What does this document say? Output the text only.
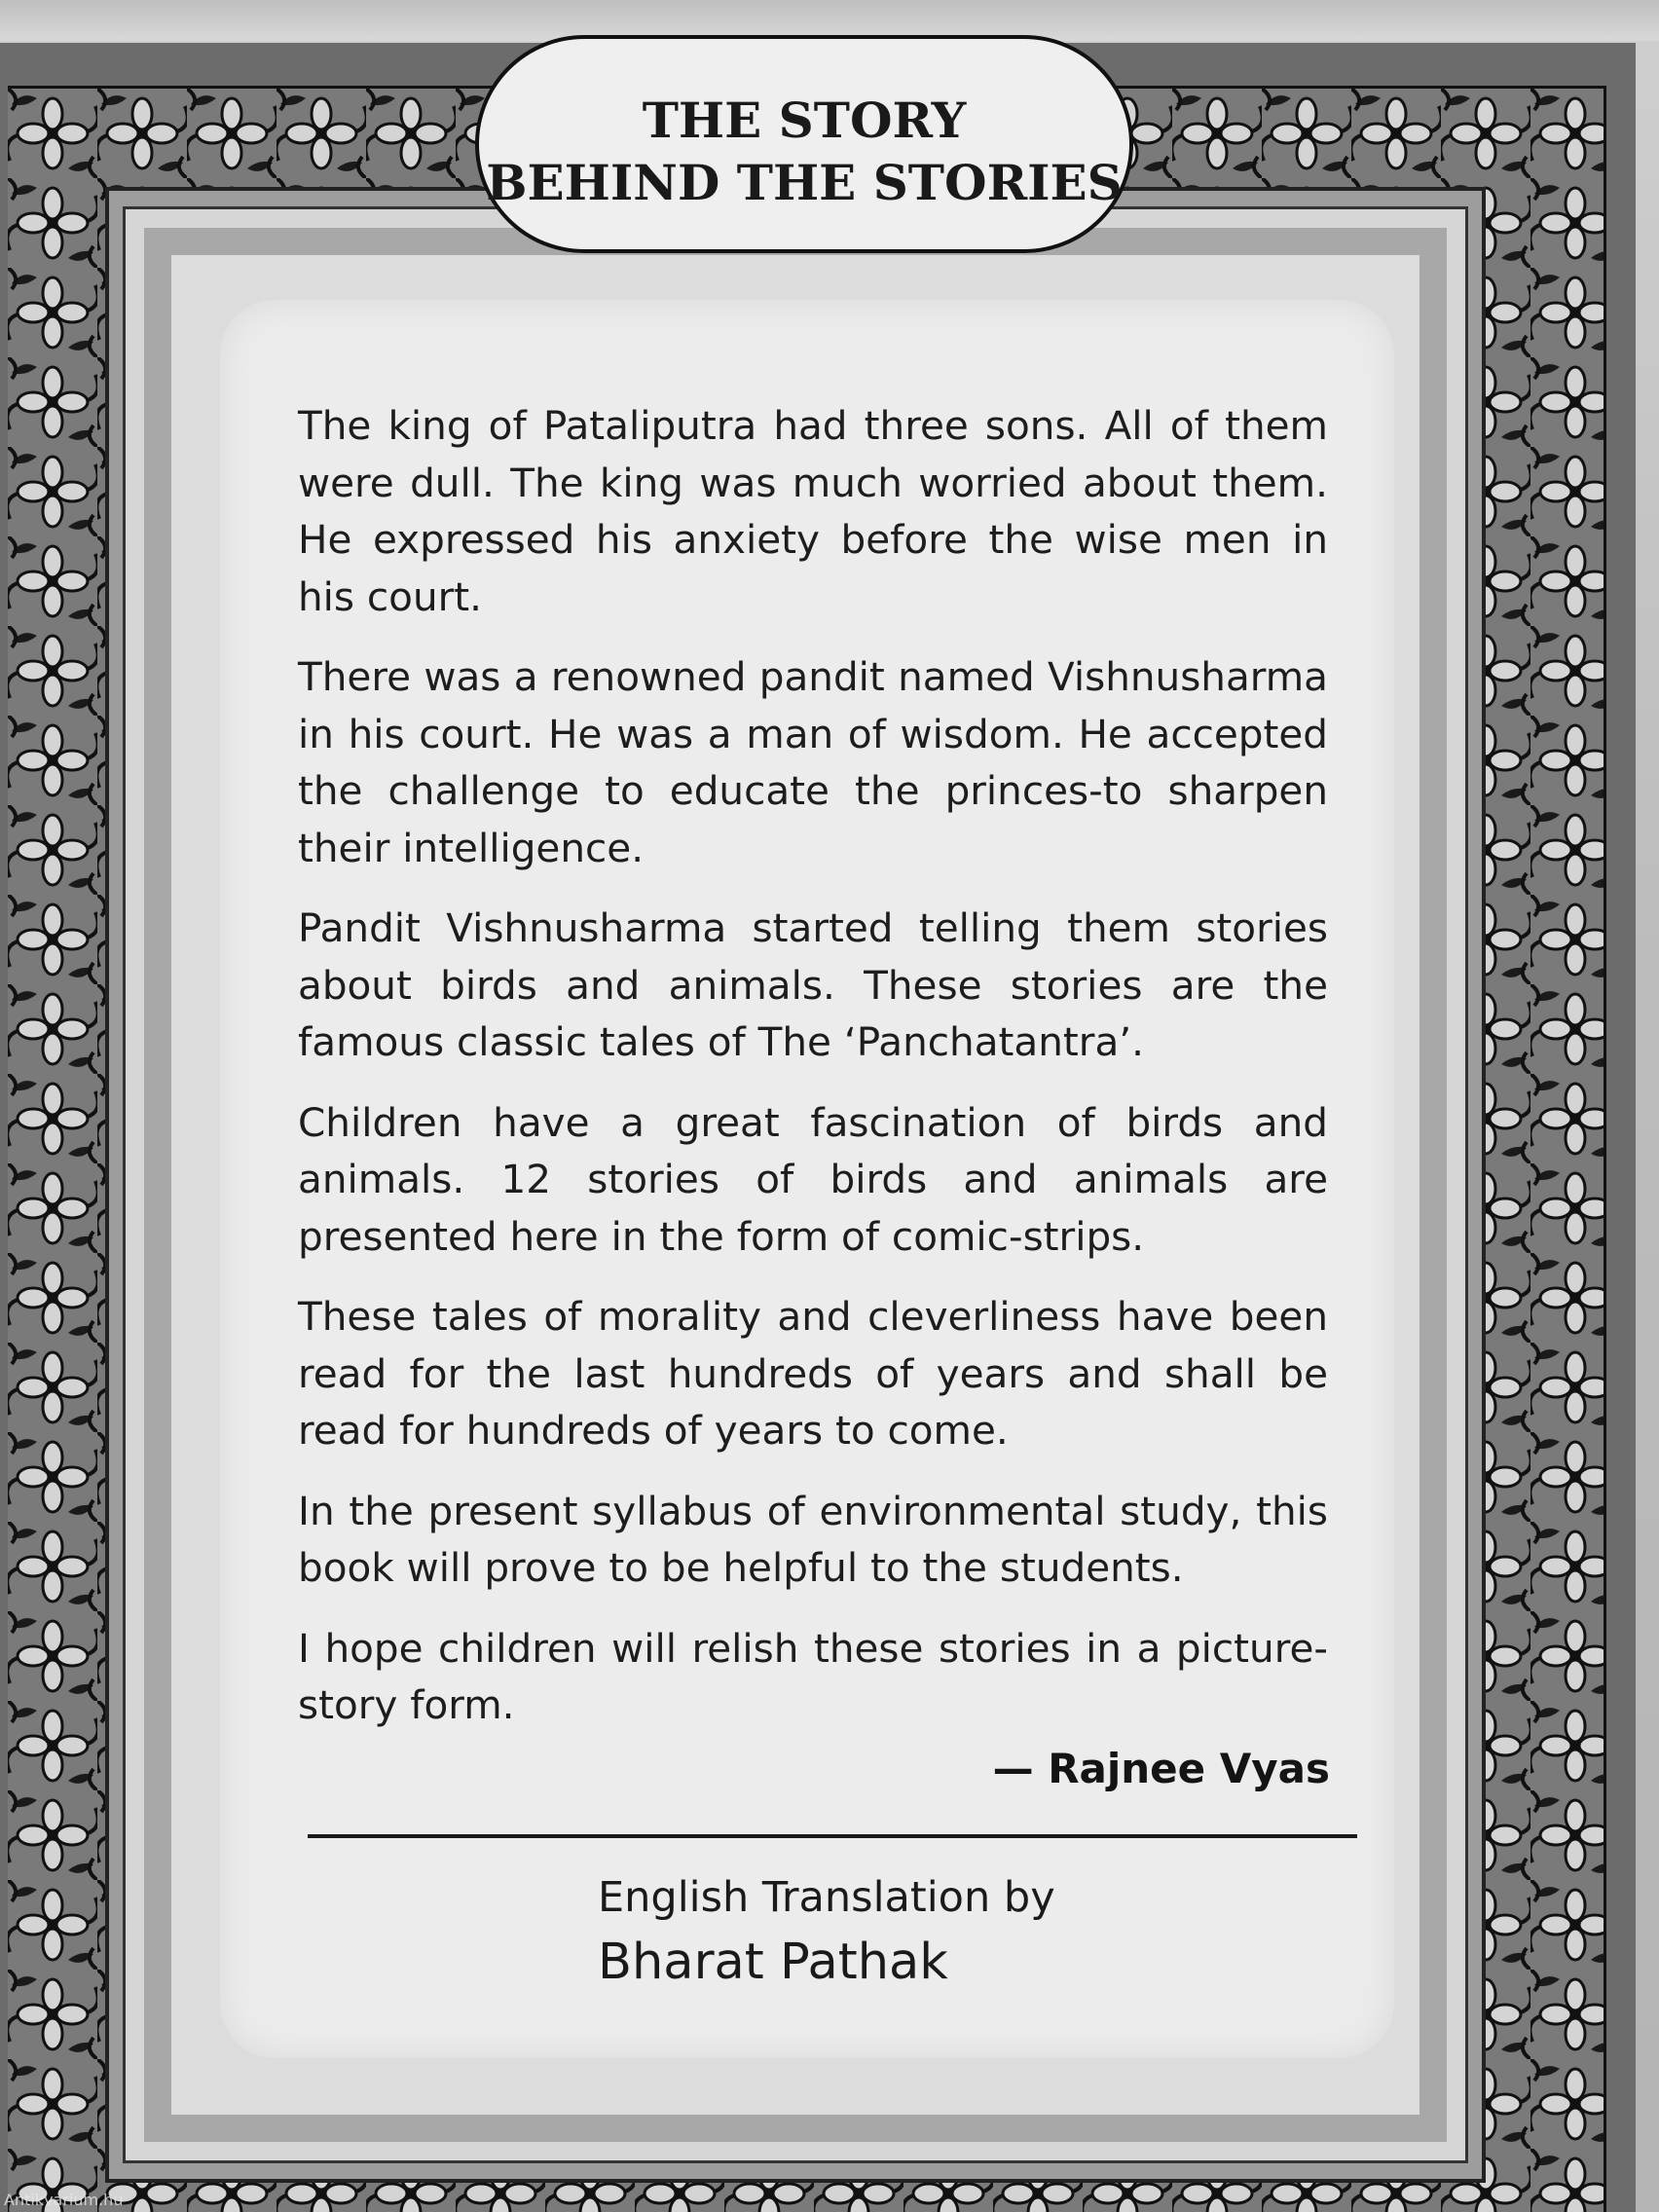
THE STORY
BEHIND THE STORIES

The king of Pataliputra had three sons. All of them were dull. The king was much worried about them. He expressed his anxiety before the wise men in his court.

There was a renowned pandit named Vishnusharma in his court. He was a man of wisdom. He accepted the challenge to educate the princes-to sharpen their intelligence.

Pandit Vishnusharma started telling them stories about birds and animals. These stories are the famous classic tales of The ‘Panchatantra’.

Children have a great fascination of birds and animals. 12 stories of birds and animals are presented here in the form of comic-strips.

These tales of morality and cleverliness have been read for the last hundreds of years and shall be read for hundreds of years to come.

In the present syllabus of environmental study, this book will prove to be helpful to the students.

I hope children will relish these stories in a picture-story form.

— Rajnee Vyas
English Translation by
Bharat Pathak
Antikvarium.hu
